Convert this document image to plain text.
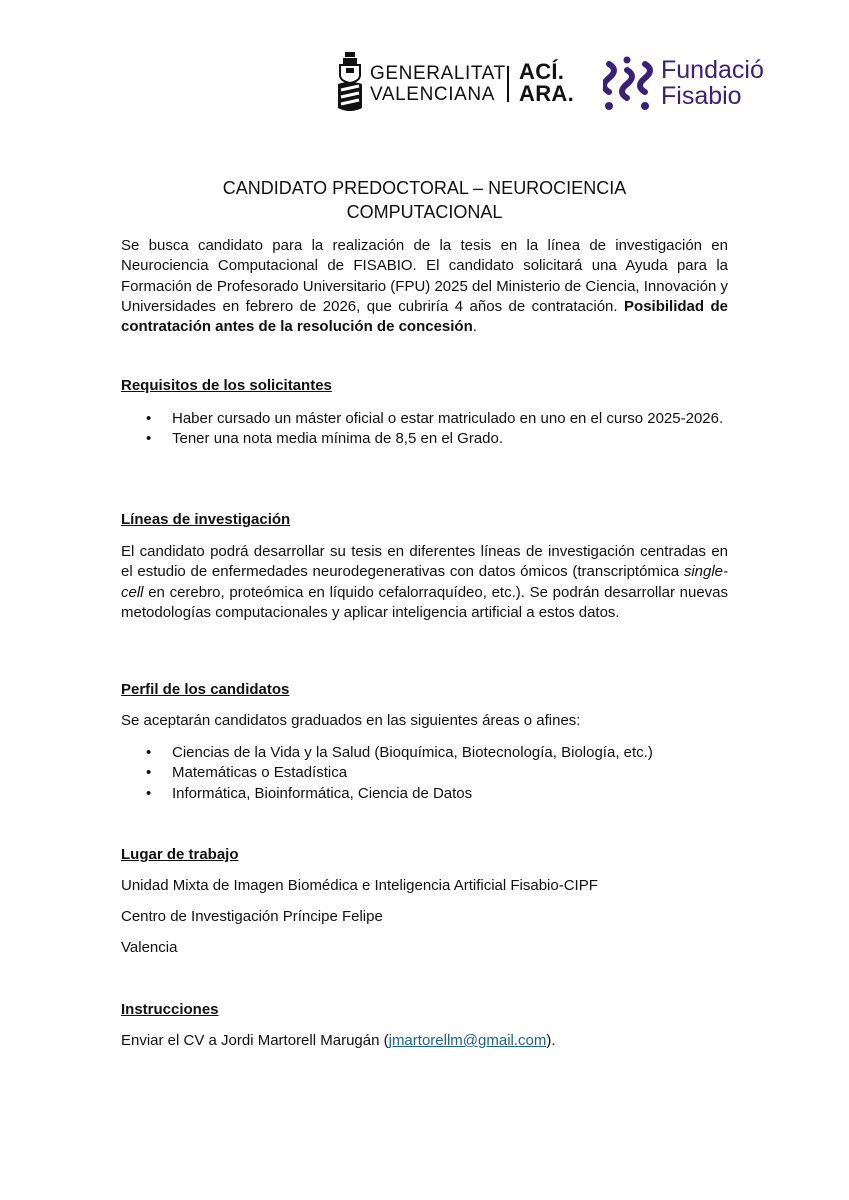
GENERALITAT
VALENCIANA
ACÍ.
ARA.
Fundació
Fisabio
CANDIDATO PREDOCTORAL – NEUROCIENCIA
COMPUTACIONAL

Se busca candidato para la realización de la tesis en la línea de investigación en Neurociencia Computacional de FISABIO. El candidato solicitará una Ayuda para la Formación de Profesorado Universitario (FPU) 2025 del Ministerio de Ciencia, Innovación y Universidades en febrero de 2026, que cubriría 4 años de contratación. Posibilidad de contratación antes de la resolución de concesión.

Requisitos de los solicitantes
• Haber cursado un máster oficial o estar matriculado en uno en el curso 2025-2026.
• Tener una nota media mínima de 8,5 en el Grado.
Líneas de investigación

El candidato podrá desarrollar su tesis en diferentes líneas de investigación centradas en el estudio de enfermedades neurodegenerativas con datos ómicos (transcriptómica single-cell en cerebro, proteómica en líquido cefalorraquídeo, etc.). Se podrán desarrollar nuevas metodologías computacionales y aplicar inteligencia artificial a estos datos.

Perfil de los candidatos
Se aceptarán candidatos graduados en las siguientes áreas o afines:
• Ciencias de la Vida y la Salud (Bioquímica, Biotecnología, Biología, etc.)
• Matemáticas o Estadística
• Informática, Bioinformática, Ciencia de Datos
Lugar de trabajo
Unidad Mixta de Imagen Biomédica e Inteligencia Artificial Fisabio-CIPF
Centro de Investigación Príncipe Felipe
Valencia
Instrucciones
Enviar el CV a Jordi Martorell Marugán (jmartorellm@gmail.com).
